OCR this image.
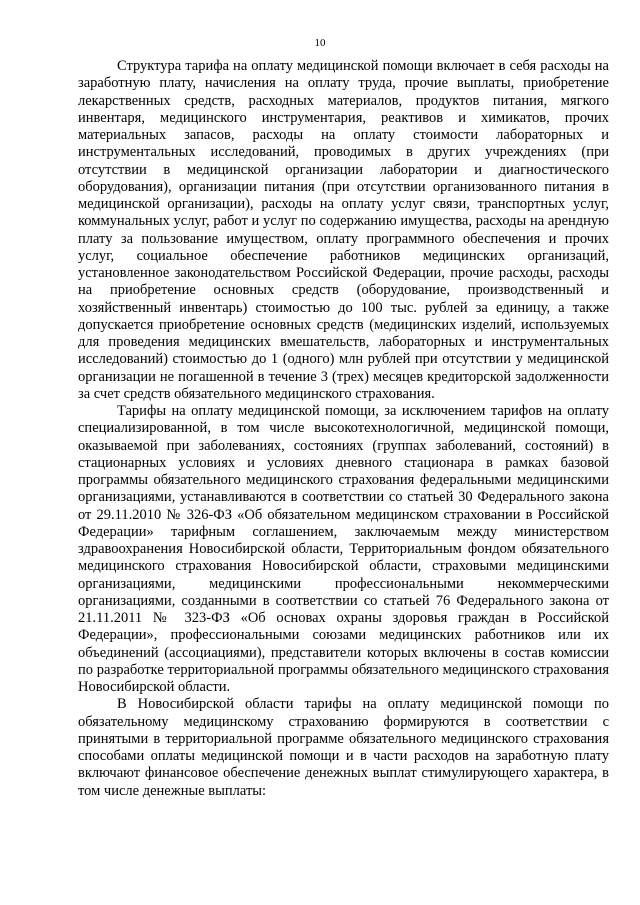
10

Структура тарифа на оплату медицинской помощи включает в себя расходы на заработную плату, начисления на оплату труда, прочие выплаты, приобретение лекарственных средств, расходных материалов, продуктов питания, мягкого инвентаря, медицинского инструментария, реактивов и химикатов, прочих материальных запасов, расходы на оплату стоимости лабораторных и инструментальных исследований, проводимых в других учреждениях (при отсутствии в медицинской организации лаборатории и диагностического оборудования), организации питания (при отсутствии организованного питания в медицинской организации), расходы на оплату услуг связи, транспортных услуг, коммунальных услуг, работ и услуг по содержанию имущества, расходы на арендную плату за пользование имуществом, оплату программного обеспечения и прочих услуг, социальное обеспечение работников медицинских организаций, установленное законодательством Российской Федерации, прочие расходы, расходы на приобретение основных средств (оборудование, производственный и хозяйственный инвентарь) стоимостью до 100 тыс. рублей за единицу, а также допускается приобретение основных средств (медицинских изделий, используемых для проведения медицинских вмешательств, лабораторных и инструментальных исследований) стоимостью до 1 (одного) млн рублей при отсутствии у медицинской организации не погашенной в течение 3 (трех) месяцев кредиторской задолженности за счет средств обязательного медицинского страхования.

Тарифы на оплату медицинской помощи, за исключением тарифов на оплату специализированной, в том числе высокотехнологичной, медицинской помощи, оказываемой при заболеваниях, состояниях (группах заболеваний, состояний) в стационарных условиях и условиях дневного стационара в рамках базовой программы обязательного медицинского страхования федеральными медицинскими организациями, устанавливаются в соответствии со статьей 30 Федерального закона от 29.11.2010 № 326-ФЗ «Об обязательном медицинском страховании в Российской Федерации» тарифным соглашением, заключаемым между министерством здравоохранения Новосибирской области, Территориальным фондом обязательного медицинского страхования Новосибирской области, страховыми медицинскими организациями, медицинскими профессиональными некоммерческими организациями, созданными в соответствии со статьей 76 Федерального закона от 21.11.2011 № 323-ФЗ «Об основах охраны здоровья граждан в Российской Федерации», профессиональными союзами медицинских работников или их объединений (ассоциациями), представители которых включены в состав комиссии по разработке территориальной программы обязательного медицинского страхования Новосибирской области.

В Новосибирской области тарифы на оплату медицинской помощи по обязательному медицинскому страхованию формируются в соответствии с принятыми в территориальной программе обязательного медицинского страхования способами оплаты медицинской помощи и в части расходов на заработную плату включают финансовое обеспечение денежных выплат стимулирующего характера, в том числе денежные выплаты:
